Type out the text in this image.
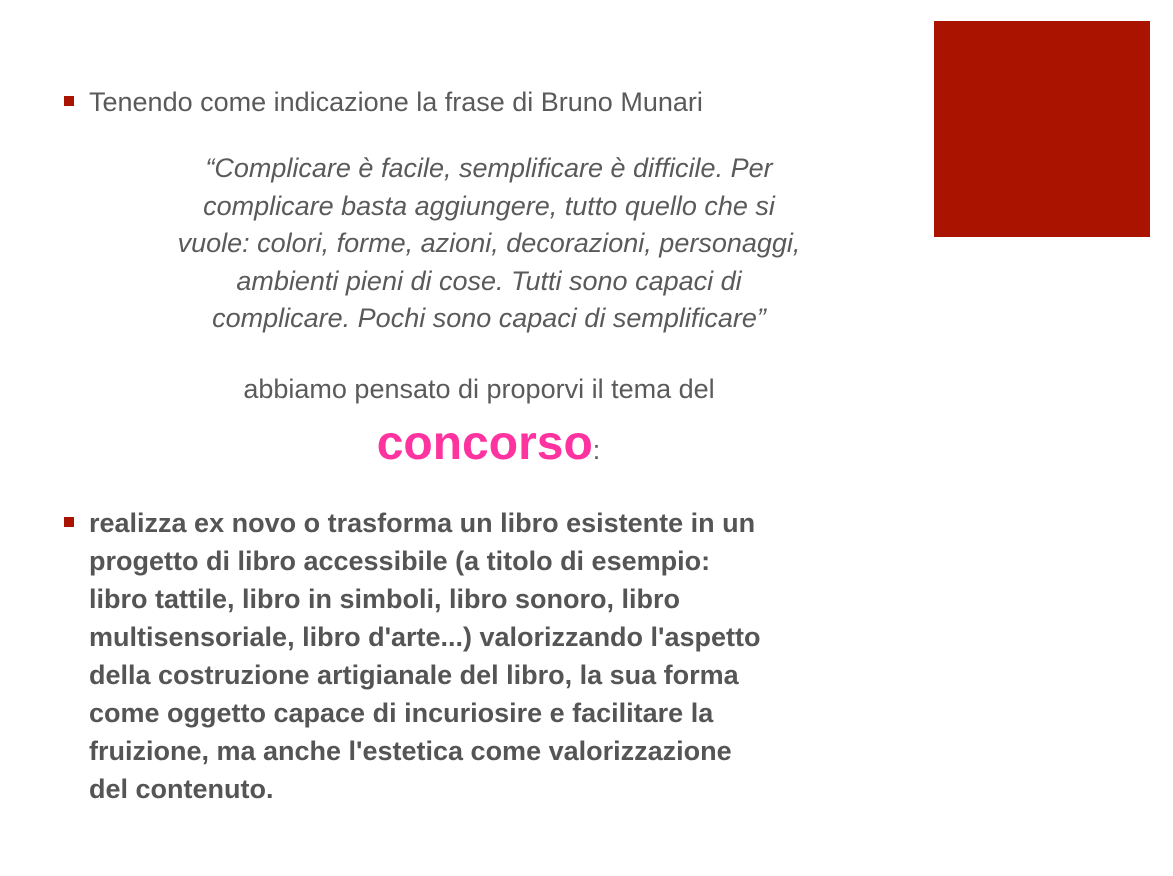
Tenendo come indicazione la frase di Bruno Munari
“Complicare è facile, semplificare è difficile. Per
complicare basta aggiungere, tutto quello che si
vuole: colori, forme, azioni, decorazioni, personaggi,
ambienti pieni di cose. Tutti sono capaci di
complicare. Pochi sono capaci di semplificare”
abbiamo pensato di proporvi il tema del
concorso:
realizza ex novo o trasforma un libro esistente in un
progetto di libro accessibile (a titolo di esempio:
libro tattile, libro in simboli, libro sonoro, libro
multisensoriale, libro d'arte...) valorizzando l'aspetto
della costruzione artigianale del libro, la sua forma
come oggetto capace di incuriosire e facilitare la
fruizione, ma anche l'estetica come valorizzazione
del contenuto.
